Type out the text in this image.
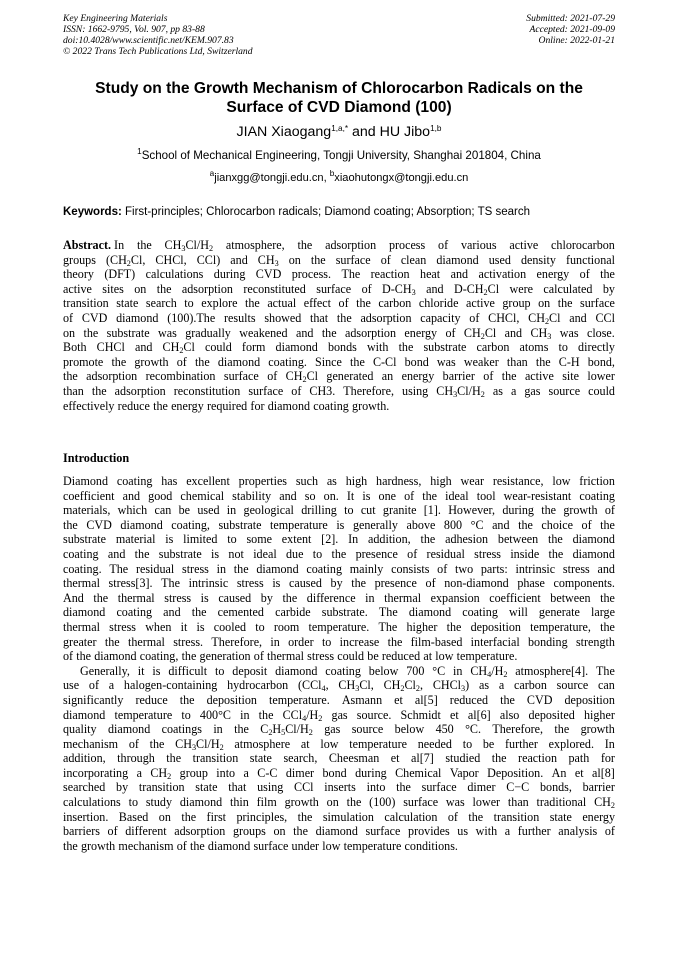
Key Engineering Materials
ISSN: 1662-9795, Vol. 907, pp 83-88
doi:10.4028/www.scientific.net/KEM.907.83
© 2022 Trans Tech Publications Ltd, Switzerland
Submitted: 2021-07-29
Accepted: 2021-09-09
Online: 2022-01-21
Study on the Growth Mechanism of Chlorocarbon Radicals on the
Surface of CVD Diamond (100)
JIAN Xiaogang$^{1,a,*}$ and HU Jibo$^{1,b}$
$^1$School of Mechanical Engineering, Tongji University, Shanghai 201804, China
$^a$jianxgg@tongji.edu.cn, $^b$xiaohutongx@tongji.edu.cn
Keywords: First-principles; Chlorocarbon radicals; Diamond coating; Absorption; TS search
Abstract. In the $CH_3Cl/H_2$ atmosphere, the adsorption process of various active chlorocarbon
groups ($CH_2Cl$, CHCl, CCl) and $CH_3$ on the surface of clean diamond used density functional
theory (DFT) calculations during CVD process. The reaction heat and activation energy of the
active sites on the adsorption reconstituted surface of $D-CH_3$ and $D-CH_2Cl$ were calculated by
transition state search to explore the actual effect of the carbon chloride active group on the surface
of CVD diamond (100).The results showed that the adsorption capacity of CHCl, $CH_2Cl$ and CCl
on the substrate was gradually weakened and the adsorption energy of $CH_2Cl$ and $CH_3$ was close.
Both CHCl and $CH_2Cl$ could form diamond bonds with the substrate carbon atoms to directly
promote the growth of the diamond coating. Since the C-Cl bond was weaker than the C-H bond,
the adsorption recombination surface of $CH_2Cl$ generated an energy barrier of the active site lower
than the adsorption reconstitution surface of CH3. Therefore, using $CH_3Cl/H_2$ as a gas source could
effectively reduce the energy required for diamond coating growth.
Introduction
Diamond coating has excellent properties such as high hardness, high wear resistance, low friction
coefficient and good chemical stability and so on. It is one of the ideal tool wear-resistant coating
materials, which can be used in geological drilling to cut granite [1]. However, during the growth of
the CVD diamond coating, substrate temperature is generally above 800 °C and the choice of the
substrate material is limited to some extent [2]. In addition, the adhesion between the diamond
coating and the substrate is not ideal due to the presence of residual stress inside the diamond
coating. The residual stress in the diamond coating mainly consists of two parts: intrinsic stress and
thermal stress[3]. The intrinsic stress is caused by the presence of non-diamond phase components.
And the thermal stress is caused by the difference in thermal expansion coefficient between the
diamond coating and the cemented carbide substrate. The diamond coating will generate large
thermal stress when it is cooled to room temperature. The higher the deposition temperature, the
greater the thermal stress. Therefore, in order to increase the film-based interfacial bonding strength
of the diamond coating, the generation of thermal stress could be reduced at low temperature.
Generally, it is difficult to deposit diamond coating below 700 °C in $CH_4/H_2$ atmosphere[4]. The
use of a halogen-containing hydrocarbon (CCl$_4$, $CH_3Cl$, $CH_2Cl_2$, CHCl$_3$) as a carbon source can
significantly reduce the deposition temperature. Asmann et al[5] reduced the CVD deposition
diamond temperature to 400°C in the $CCl_4/H_2$ gas source. Schmidt et al[6] also deposited higher
quality diamond coatings in the $C_2H_5Cl/H_2$ gas source below 450 °C. Therefore, the growth
mechanism of the $CH_3Cl/H_2$ atmosphere at low temperature needed to be further explored. In
addition, through the transition state search, Cheesman et al[7] studied the reaction path for
incorporating a $CH_2$ group into a C-C dimer bond during Chemical Vapor Deposition. An et al[8]
searched by transition state that using CCl inserts into the surface dimer C−C bonds, barrier
calculations to study diamond thin film growth on the (100) surface was lower than traditional $CH_2$
insertion. Based on the first principles, the simulation calculation of the transition state energy
barriers of different adsorption groups on the diamond surface provides us with a further analysis of
the growth mechanism of the diamond surface under low temperature conditions.
